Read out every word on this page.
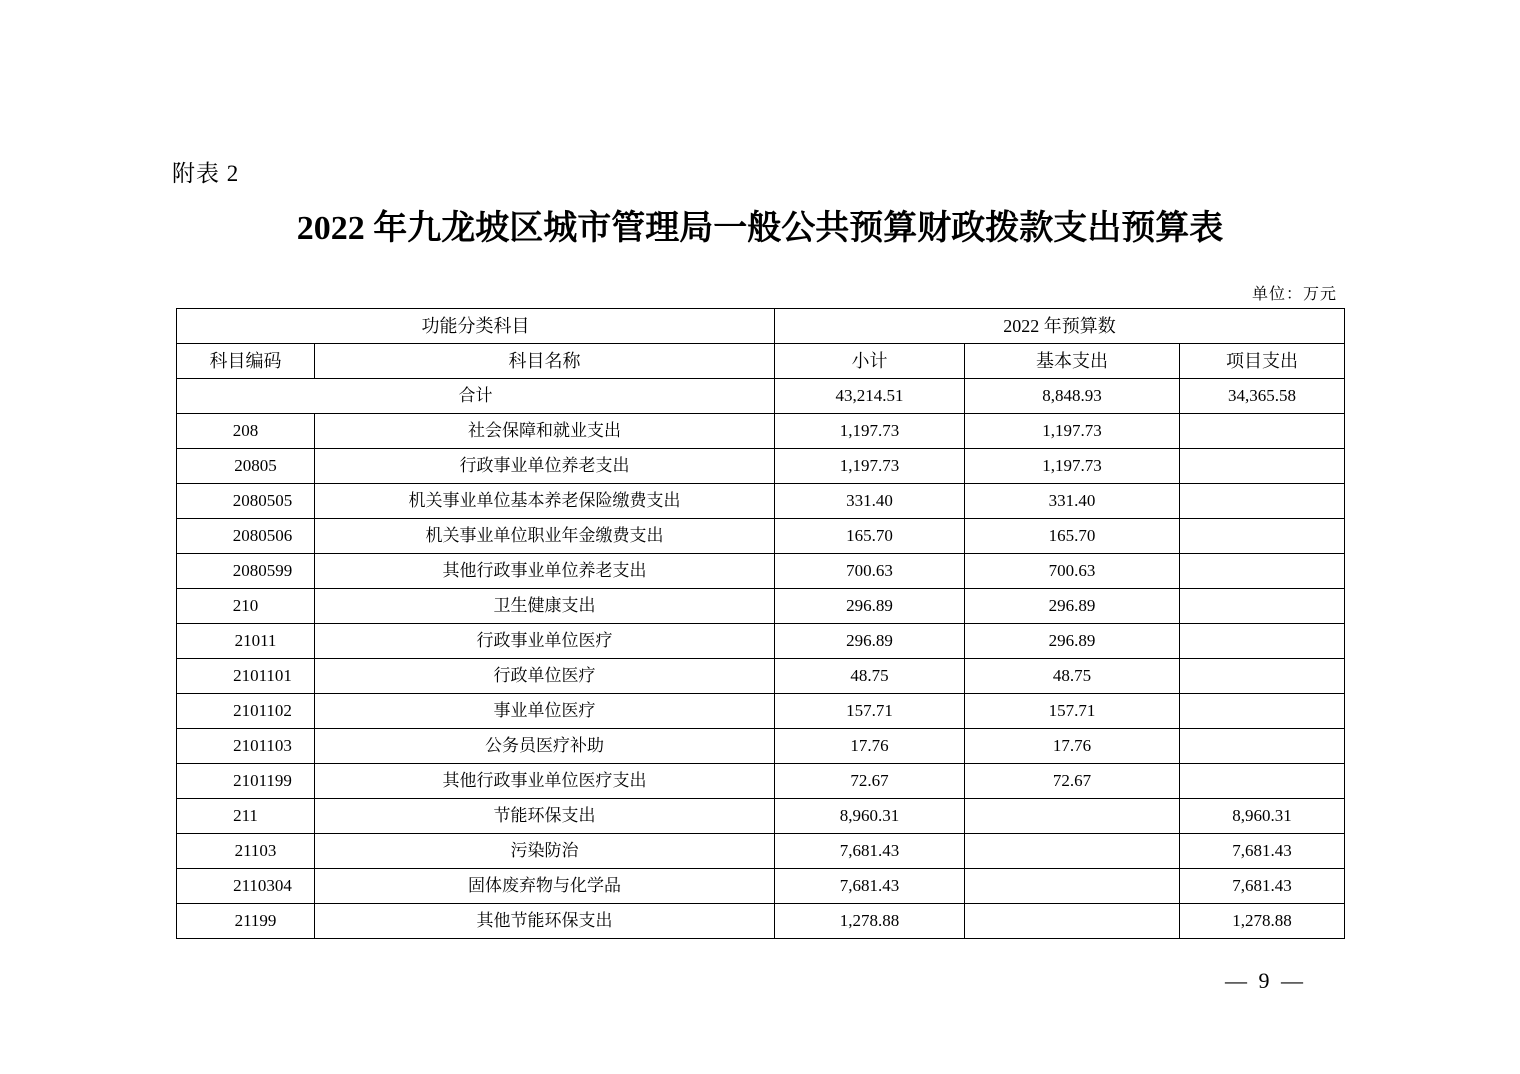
附表 2
2022 年九龙坡区城市管理局一般公共预算财政拨款支出预算表
单位：万元
功能分类科目		2022 年预算数		
科目编码	科目名称	小计	基本支出	项目支出
合计		43,214.51	8,848.93	34,365.58
208	社会保障和就业支出	1,197.73	1,197.73	
20805	行政事业单位养老支出	1,197.73	1,197.73	
2080505	机关事业单位基本养老保险缴费支出	331.40	331.40	
2080506	机关事业单位职业年金缴费支出	165.70	165.70	
2080599	其他行政事业单位养老支出	700.63	700.63	
210	卫生健康支出	296.89	296.89	
21011	行政事业单位医疗	296.89	296.89	
2101101	行政单位医疗	48.75	48.75	
2101102	事业单位医疗	157.71	157.71	
2101103	公务员医疗补助	17.76	17.76	
2101199	其他行政事业单位医疗支出	72.67	72.67	
211	节能环保支出	8,960.31		8,960.31
21103	污染防治	7,681.43		7,681.43
2110304	固体废弃物与化学品	7,681.43		7,681.43
21199	其他节能环保支出	1,278.88		1,278.88
— 9 —
